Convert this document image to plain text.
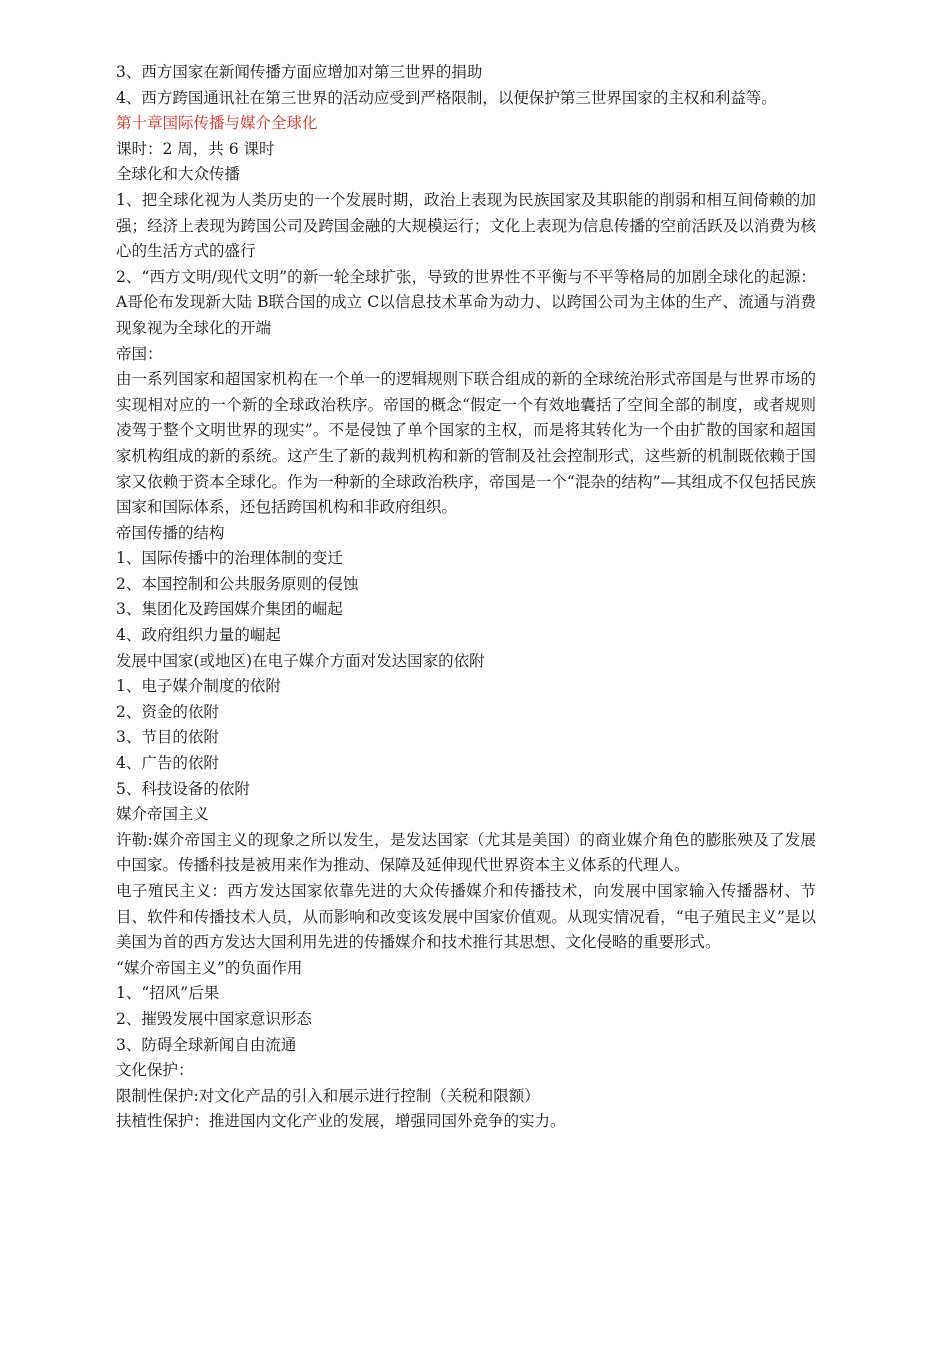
3、西方国家在新闻传播方面应增加对第三世界的捐助

4、西方跨国通讯社在第三世界的活动应受到严格限制，以便保护第三世界国家的主权和利益等。

第十章国际传播与媒介全球化

课时：2 周，共 6 课时

全球化和大众传播

1、把全球化视为人类历史的一个发展时期，政治上表现为民族国家及其职能的削弱和相互间倚赖的加强；经济上表现为跨国公司及跨国金融的大规模运行；文化上表现为信息传播的空前活跃及以消费为核心的生活方式的盛行

2、“西方文明/现代文明”的新一轮全球扩张，导致的世界性不平衡与不平等格局的加剧全球化的起源：A哥伦布发现新大陆 B联合国的成立 C以信息技术革命为动力、以跨国公司为主体的生产、流通与消费现象视为全球化的开端

帝国：

由一系列国家和超国家机构在一个单一的逻辑规则下联合组成的新的全球统治形式帝国是与世界市场的实现相对应的一个新的全球政治秩序。帝国的概念“假定一个有效地囊括了空间全部的制度，或者规则凌驾于整个文明世界的现实”。不是侵蚀了单个国家的主权，而是将其转化为一个由扩散的国家和超国家机构组成的新的系统。这产生了新的裁判机构和新的管制及社会控制形式，这些新的机制既依赖于国家又依赖于资本全球化。作为一种新的全球政治秩序，帝国是一个“混杂的结构”—其组成不仅包括民族国家和国际体系，还包括跨国机构和非政府组织。

帝国传播的结构

1、国际传播中的治理体制的变迁

2、本国控制和公共服务原则的侵蚀

3、集团化及跨国媒介集团的崛起

4、政府组织力量的崛起

发展中国家(或地区)在电子媒介方面对发达国家的依附

1、电子媒介制度的依附

2、资金的依附

3、节目的依附

4、广告的依附

5、科技设备的依附

媒介帝国主义

许勒:媒介帝国主义的现象之所以发生，是发达国家（尤其是美国）的商业媒介角色的膨胀殃及了发展中国家。传播科技是被用来作为推动、保障及延伸现代世界资本主义体系的代理人。

电子殖民主义：西方发达国家依靠先进的大众传播媒介和传播技术，向发展中国家输入传播器材、节目、软件和传播技术人员，从而影响和改变该发展中国家价值观。从现实情况看，“电子殖民主义”是以美国为首的西方发达大国利用先进的传播媒介和技术推行其思想、文化侵略的重要形式。

“媒介帝国主义”的负面作用

1、“招风”后果

2、摧毁发展中国家意识形态

3、防碍全球新闻自由流通

文化保护：

限制性保护:对文化产品的引入和展示进行控制（关税和限额）

扶植性保护：推进国内文化产业的发展，增强同国外竞争的实力。
